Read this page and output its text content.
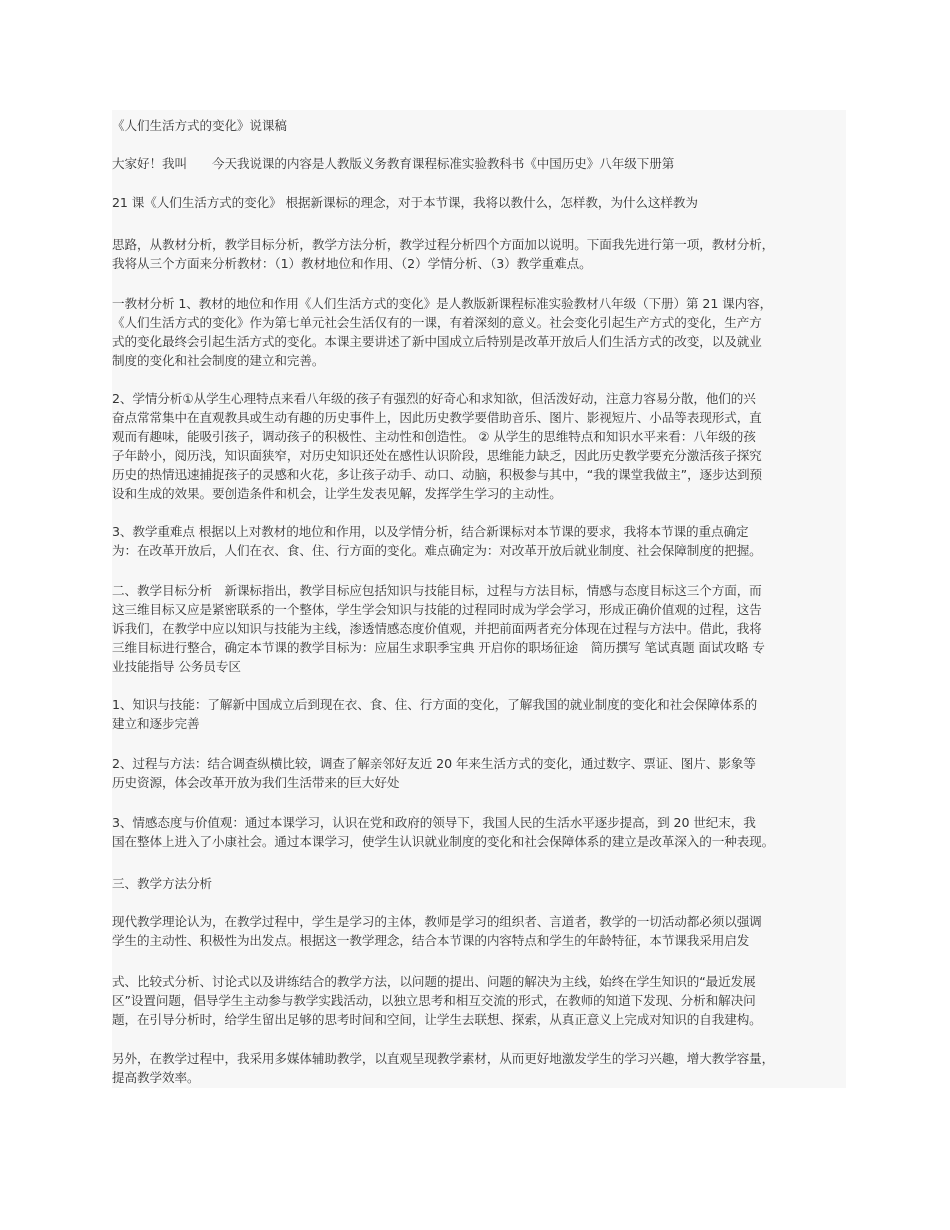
《人们生活方式的变化》说课稿
大家好！我叫　　今天我说课的内容是人教版义务教育课程标准实验教科书《中国历史》八年级下册第
21 课《人们生活方式的变化》 根据新课标的理念，对于本节课，我将以教什么，怎样教，为什么这样教为
思路，从教材分析，教学目标分析，教学方法分析，教学过程分析四个方面加以说明。下面我先进行第一项，教材分析，
我将从三个方面来分析教材：（1）教材地位和作用、（2）学情分析、（3）教学重难点。
一教材分析 1、教材的地位和作用《人们生活方式的变化》是人教版新课程标准实验教材八年级（下册）第 21 课内容，
《人们生活方式的变化》作为第七单元社会生活仅有的一课，有着深刻的意义。社会变化引起生产方式的变化，生产方
式的变化最终会引起生活方式的变化。本课主要讲述了新中国成立后特别是改革开放后人们生活方式的改变，以及就业
制度的变化和社会制度的建立和完善。
2、学情分析①从学生心理特点来看八年级的孩子有强烈的好奇心和求知欲，但活泼好动，注意力容易分散，他们的兴
奋点常常集中在直观教具或生动有趣的历史事件上，因此历史教学要借助音乐、图片、影视短片、小品等表现形式，直
观而有趣味，能吸引孩子，调动孩子的积极性、主动性和创造性。 ② 从学生的思维特点和知识水平来看：八年级的孩
子年龄小，阅历浅，知识面狭窄，对历史知识还处在感性认识阶段，思维能力缺乏，因此历史教学要充分激活孩子探究
历史的热情迅速捕捉孩子的灵感和火花，多让孩子动手、动口、动脑，积极参与其中，“我的课堂我做主”，逐步达到预
设和生成的效果。要创造条件和机会，让学生发表见解，发挥学生学习的主动性。
3、教学重难点 根据以上对教材的地位和作用，以及学情分析，结合新课标对本节课的要求，我将本节课的重点确定
为：在改革开放后，人们在衣、食、住、行方面的变化。难点确定为：对改革开放后就业制度、社会保障制度的把握。
二、教学目标分析　新课标指出，教学目标应包括知识与技能目标，过程与方法目标，情感与态度目标这三个方面，而
这三维目标又应是紧密联系的一个整体，学生学会知识与技能的过程同时成为学会学习，形成正确价值观的过程，这告
诉我们，在教学中应以知识与技能为主线，渗透情感态度价值观，并把前面两者充分体现在过程与方法中。借此，我将
三维目标进行整合，确定本节课的教学目标为：应届生求职季宝典 开启你的职场征途　简历撰写 笔试真题 面试攻略 专
业技能指导 公务员专区
1、知识与技能：了解新中国成立后到现在衣、食、住、行方面的变化，了解我国的就业制度的变化和社会保障体系的
建立和逐步完善
2、过程与方法：结合调查纵横比较，调查了解亲邻好友近 20 年来生活方式的变化，通过数字、票证、图片、影象等
历史资源，体会改革开放为我们生活带来的巨大好处
3、情感态度与价值观：通过本课学习，认识在党和政府的领导下，我国人民的生活水平逐步提高，到 20 世纪末，我
国在整体上进入了小康社会。通过本课学习，使学生认识就业制度的变化和社会保障体系的建立是改革深入的一种表现。
三、教学方法分析
现代教学理论认为，在教学过程中，学生是学习的主体，教师是学习的组织者、言道者，教学的一切活动都必须以强调
学生的主动性、积极性为出发点。根据这一教学理念，结合本节课的内容特点和学生的年龄特征，本节课我采用启发
式、比较式分析、讨论式以及讲练结合的教学方法，以问题的提出、问题的解决为主线，始终在学生知识的“最近发展
区”设置问题，倡导学生主动参与教学实践活动，以独立思考和相互交流的形式，在教师的知道下发现、分析和解决问
题，在引导分析时，给学生留出足够的思考时间和空间，让学生去联想、探索，从真正意义上完成对知识的自我建构。
另外，在教学过程中，我采用多媒体辅助教学，以直观呈现教学素材，从而更好地激发学生的学习兴趣，增大教学容量，
提高教学效率。
